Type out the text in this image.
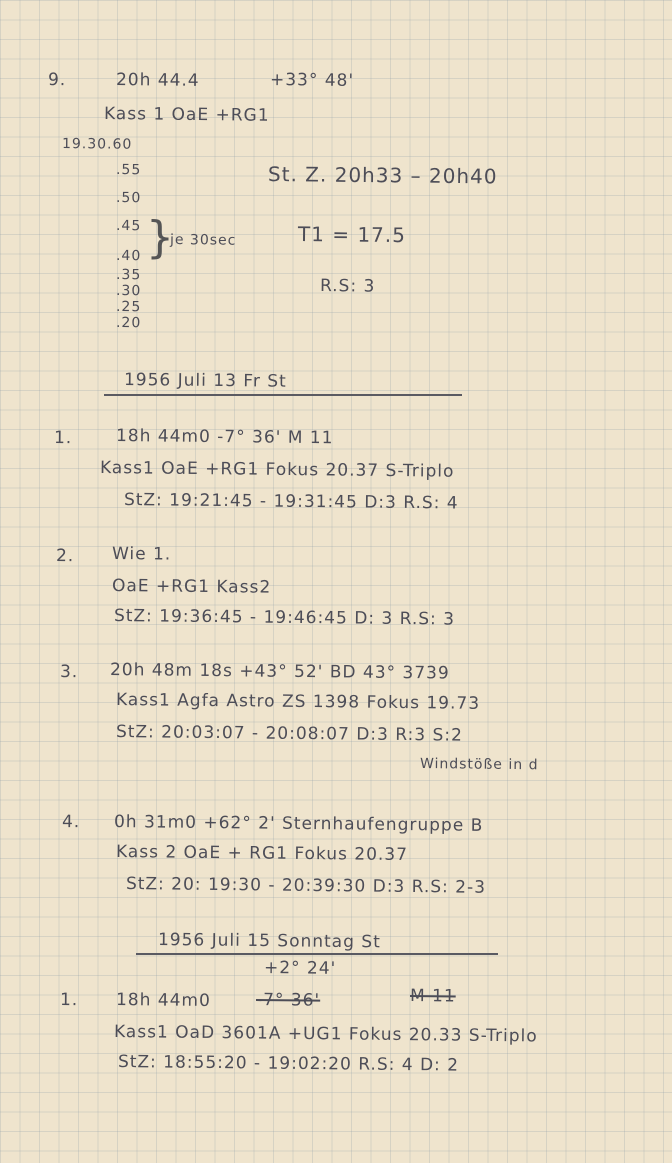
9.	20h 44.4	+33° 48'
Kass 1 OaE +RG1
19.30.60
.55
.50
.45
.40
.35
.30
.25
.20
}
je 30sec
St. Z. 20h33 – 20h40
T1 = 17.5
R.S: 3
1956 Juli 13 Fr St
1.	18h 44m0 -7° 36' M 11
Kass1 OaE +RG1 Fokus 20.37 S-Triplo
StZ: 19:21:45 - 19:31:45 D:3 R.S: 4
2. Wie 1.
OaE +RG1 Kass2
StZ: 19:36:45 - 19:46:45 D: 3 R.S: 3
3. 20h 48m 18s +43° 52' BD 43° 3739
Kass1 Agfa Astro ZS 1398 Fokus 19.73
StZ: 20:03:07 - 20:08:07 D:3 R:3 S:2
Windstöße in d
4. 0h 31m0 +62° 2' Sternhaufengruppe B
Kass 2 OaE + RG1 Fokus 20.37
StZ: 20: 19:30 - 20:39:30 D:3 R.S: 2-3
1956 Juli 15 Sonntag St
+2° 24'
1. 18h 44m0	-7° 36'	M 11
Kass1 OaD 3601A +UG1 Fokus 20.33 S-Triplo
StZ: 18:55:20 - 19:02:20 R.S: 4 D: 2
